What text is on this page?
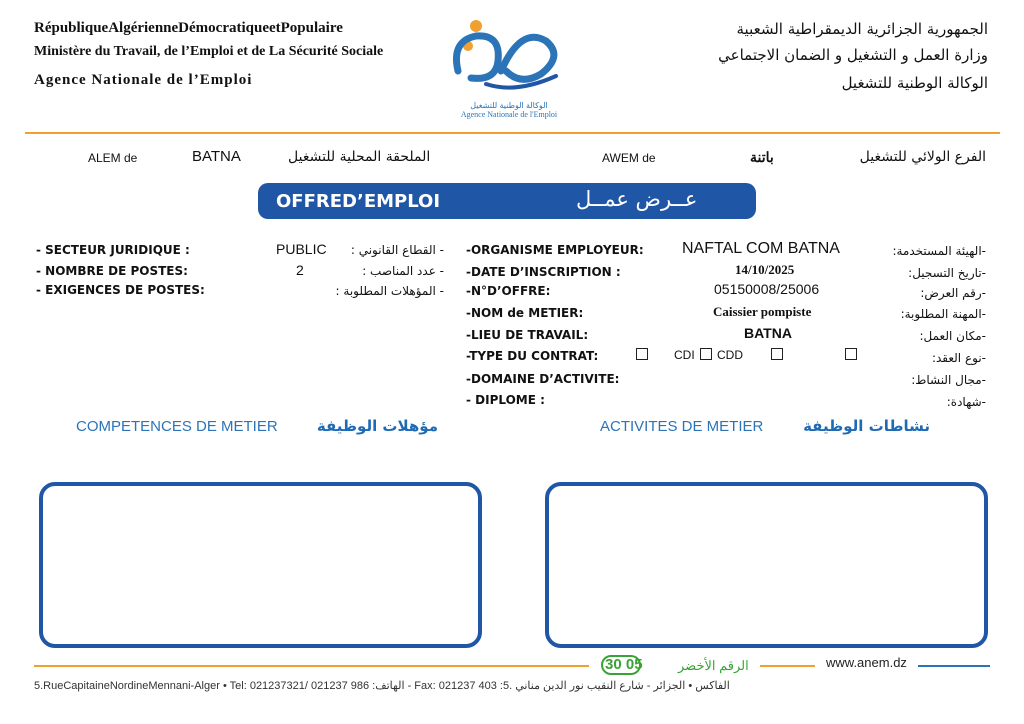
RépubliqueAlgérienneDémocratiqueetPopulaire
Ministère du Travail, de l’Emploi et de La Sécurité Sociale
Agence Nationale de l’Emploi
الجمهورية الجزائرية الديمقراطية الشعبية
وزارة العمل و التشغيل و الضمان الاجتماعي
الوكالة الوطنية للتشغيل
الوكالة الوطنية للتشغيل
Agence Nationale de l'Emploi
ALEM de	BATNA	الملحقة المحلية للتشغيل	AWEM de	باتنة	الفرع الولائي للتشغيل
OFFRED’EMPLOI	عــرض عمــل
- SECTEUR JURIDIQUE :	PUBLIC - القطاع القانوني :
- NOMBRE DE POSTES:	2	- عدد المناصب :
- EXIGENCES DE POSTES:	- المؤهلات المطلوبة :
-ORGANISME EMPLOYEUR: NAFTAL COM BATNA	-الهيئة المستخدمة:
-DATE D’INSCRIPTION :	14/10/2025	-تاريخ التسجيل:
-N°D’OFFRE:	05150008/25006	-رقم العرض:
-NOM de METIER:	Caissier pompiste	-المهنة المطلوبة:
-LIEU DE TRAVAIL:	BATNA	-مكان العمل:
-TYPE DU CONTRAT:	CDI CDD	-نوع العقد:
-DOMAINE D’ACTIVITE:	-مجال النشاط:
- DIPLOME :	-شهادة:
COMPETENCES DE METIER	مؤهلات الوظيفة	ACTIVITES DE METIER	نشاطات الوظيفة
30 05	الرقم الأخضر	www.anem.dz
5.RueCapitaineNordineMennani-Alger • Tel: 021237321/ 021237 986 :الهاتف - Fax: 021237 403 :الفاكس • الجزائر - شارع النقيب نور الدين مناني .5
